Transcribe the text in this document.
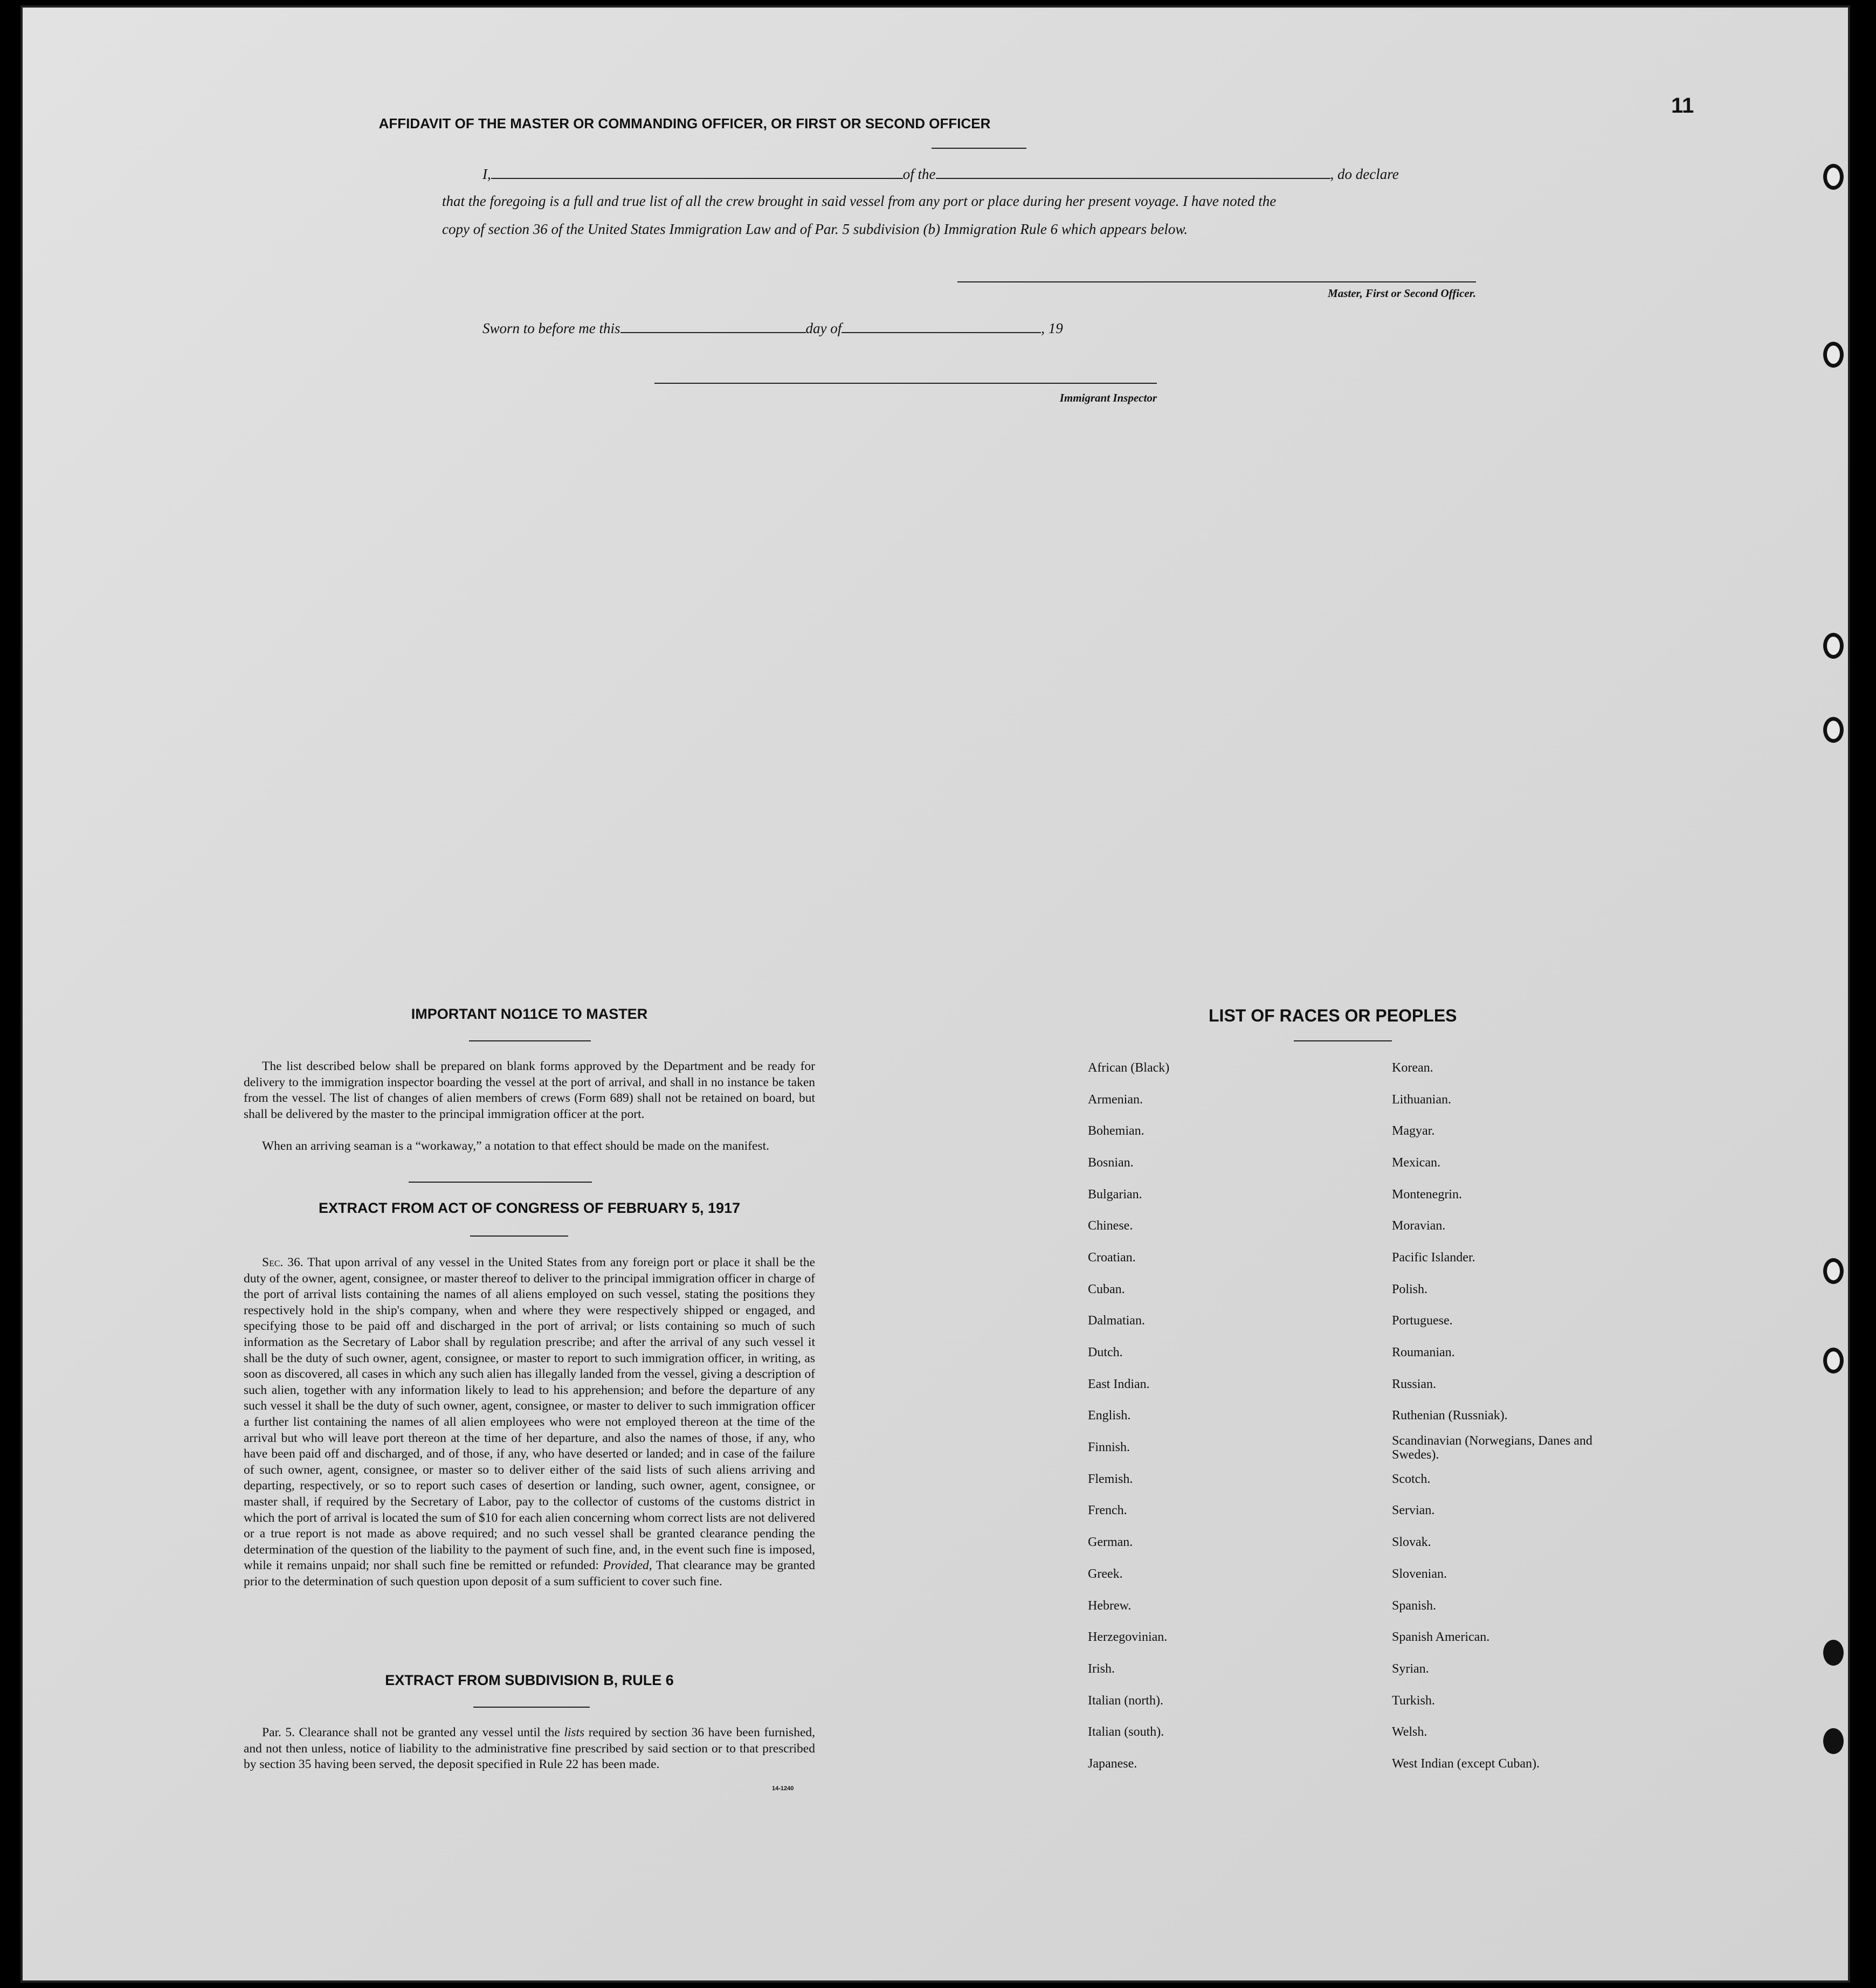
11
AFFIDAVIT OF THE MASTER OR COMMANDING OFFICER, OR FIRST OR SECOND OFFICER
I,	of the	, do declare
that the foregoing is a full and true list of all the crew brought in said vessel from any port or place during her present voyage. I have noted the
copy of section 36 of the United States Immigration Law and of Par. 5 subdivision (b) Immigration Rule 6 which appears below.
Master, First or Second Officer.
Sworn to before me this	day of	, 19
Immigrant Inspector
IMPORTANT NO11CE TO MASTER
The list described below shall be prepared on blank forms approved by the Department and be ready for delivery to the immigration inspector boarding the vessel at the port of arrival, and shall in no instance be taken from the vessel. The list of changes of alien members of crews (Form 689) shall not be retained on board, but shall be delivered by the master to the principal immigration officer at the port.
When an arriving seaman is a “workaway,” a notation to that effect should be made on the manifest.
EXTRACT FROM ACT OF CONGRESS OF FEBRUARY 5, 1917
Sec. 36. That upon arrival of any vessel in the United States from any foreign port or place it shall be the duty of the owner, agent, consignee, or master thereof to deliver to the principal immigration officer in charge of the port of arrival lists containing the names of all aliens employed on such vessel, stating the positions they respectively hold in the ship's company, when and where they were respectively shipped or engaged, and specifying those to be paid off and discharged in the port of arrival; or lists containing so much of such information as the Secretary of Labor shall by regulation prescribe; and after the arrival of any such vessel it shall be the duty of such owner, agent, consignee, or master to report to such immigration officer, in writing, as soon as discovered, all cases in which any such alien has illegally landed from the vessel, giving a description of such alien, together with any information likely to lead to his apprehension; and before the departure of any such vessel it shall be the duty of such owner, agent, consignee, or master to deliver to such immigration officer a further list containing the names of all alien employees who were not employed thereon at the time of the arrival but who will leave port thereon at the time of her departure, and also the names of those, if any, who have been paid off and discharged, and of those, if any, who have deserted or landed; and in case of the failure of such owner, agent, consignee, or master so to deliver either of the said lists of such aliens arriving and departing, respectively, or so to report such cases of desertion or landing, such owner, agent, consignee, or master shall, if required by the Secretary of Labor, pay to the collector of customs of the customs district in which the port of arrival is located the sum of $10 for each alien concerning whom correct lists are not delivered or a true report is not made as above required; and no such vessel shall be granted clearance pending the determination of the question of the liability to the payment of such fine, and, in the event such fine is imposed, while it remains unpaid; nor shall such fine be remitted or refunded: Provided, That clearance may be granted prior to the determination of such question upon deposit of a sum sufficient to cover such fine.
EXTRACT FROM SUBDIVISION B, RULE 6
Par. 5. Clearance shall not be granted any vessel until the lists required by section 36 have been furnished, and not then unless, notice of liability to the administrative fine prescribed by said section or to that prescribed by section 35 having been served, the deposit specified in Rule 22 has been made.
14-1240
LIST OF RACES OR PEOPLES
African (Black)	Korean.
Armenian.	Lithuanian.
Bohemian.	Magyar.
Bosnian.	Mexican.
Bulgarian.	Montenegrin.
Chinese.	Moravian.
Croatian.	Pacific Islander.
Cuban.	Polish.
Dalmatian.	Portuguese.
Dutch.	Roumanian.
East Indian.	Russian.
English.	Ruthenian (Russniak).
Finnish.	Scandinavian (Norwegians, Danes and Swedes).
Flemish.	Scotch.
French.	Servian.
German.	Slovak.
Greek.	Slovenian.
Hebrew.	Spanish.
Herzegovinian.	Spanish American.
Irish.	Syrian.
Italian (north).	Turkish.
Italian (south).	Welsh.
Japanese.	West Indian (except Cuban).
